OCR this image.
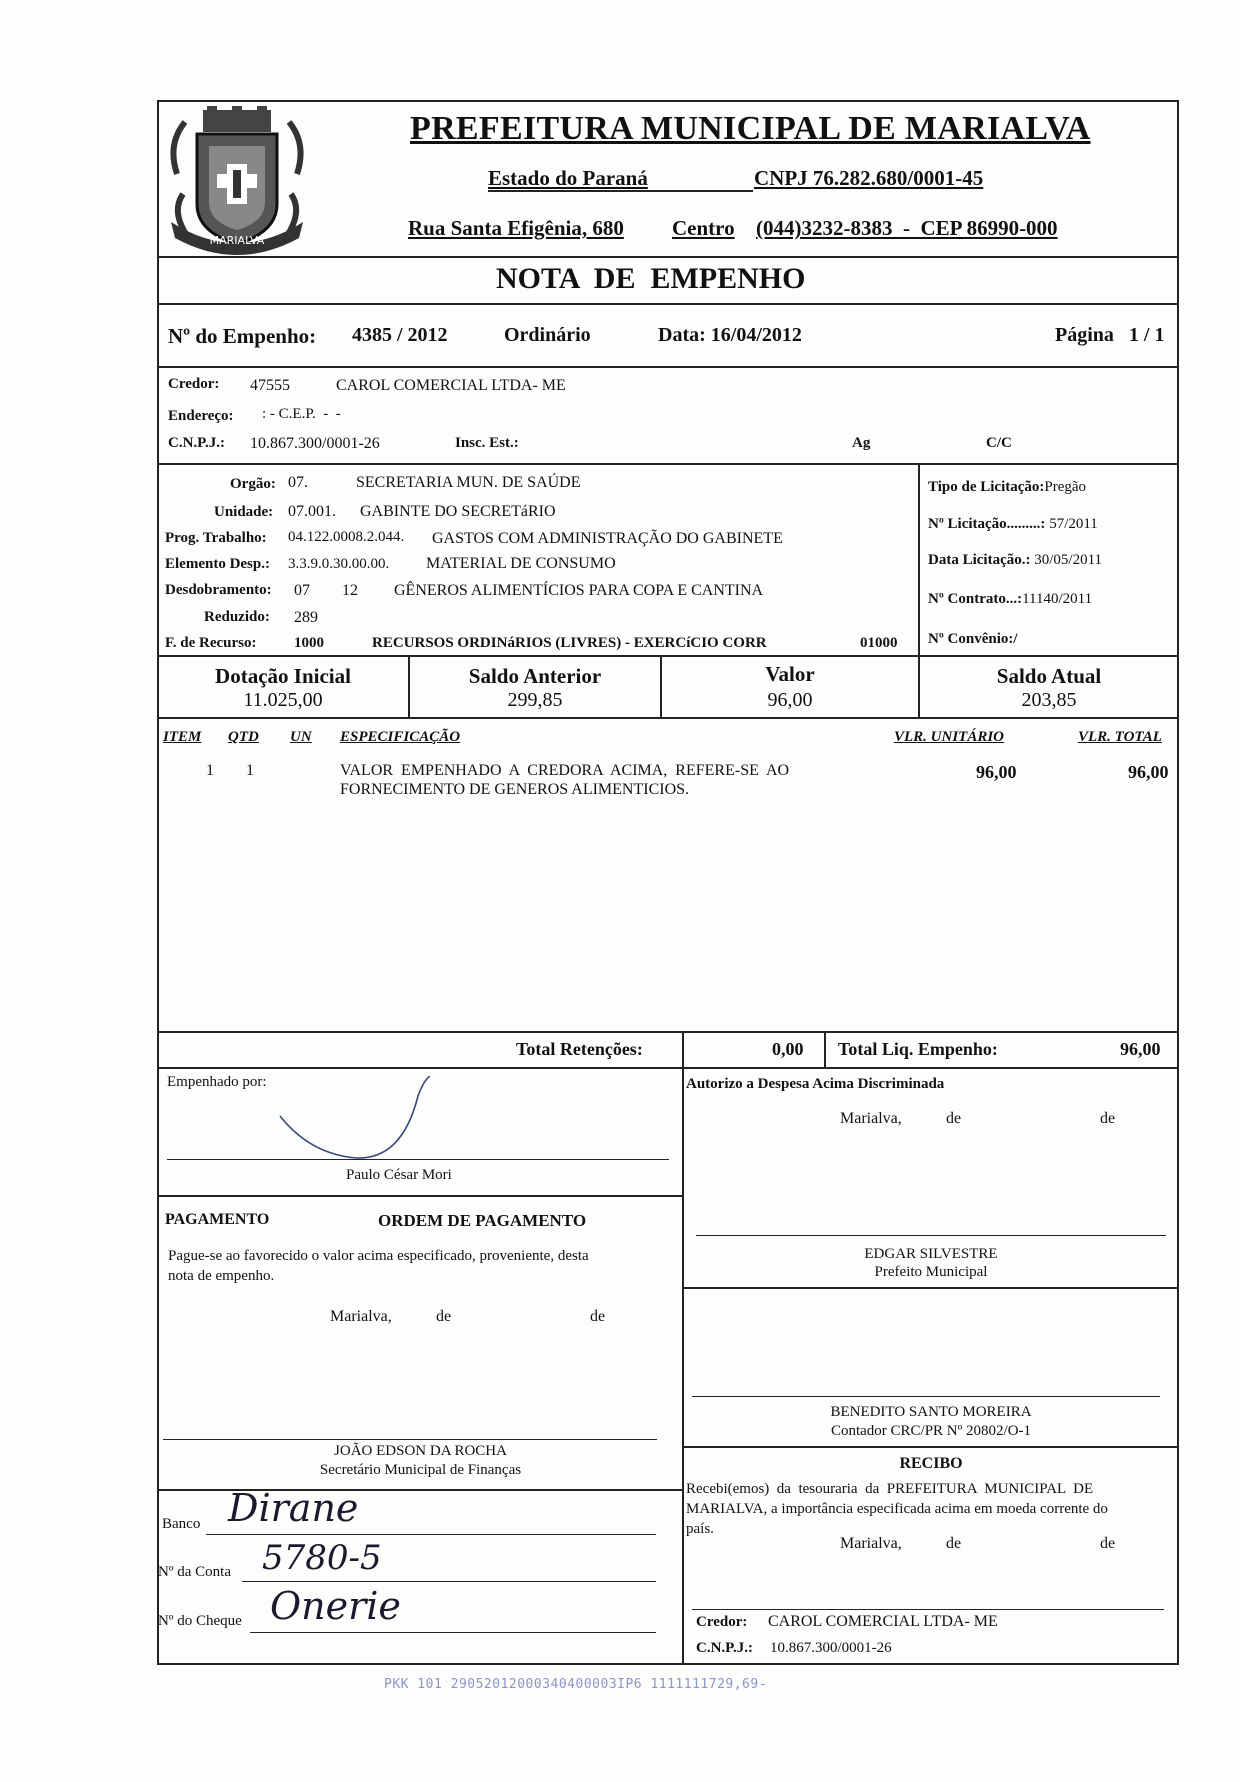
MARIALVA
PREFEITURA MUNICIPAL DE MARIALVA
Estado do Paraná	CNPJ 76.282.680/0001-45
Rua Santa Efigênia, 680 Centro (044)3232-8383  -  CEP 86990-000
NOTA  DE  EMPENHO
Nº do Empenho: 4385 / 2012	Ordinário	Data: 16/04/2012	Página   1 / 1
Credor: 47555	CAROL COMERCIAL LTDA- ME
Endereço: : - C.E.P.  -  -
C.N.P.J.: 10.867.300/0001-26	Insc. Est.:	Ag	C/C
Orgão: 07.	SECRETARIA MUN. DE SAÚDE
Unidade: 07.001. GABINTE DO SECRETáRIO
Prog. Trabalho: 04.122.0008.2.044. GASTOS COM ADMINISTRAÇÃO DO GABINETE
Elemento Desp.: 3.3.9.0.30.00.00. MATERIAL DE CONSUMO
Desdobramento: 07 12 GÊNEROS ALIMENTÍCIOS PARA COPA E CANTINA
Reduzido: 289
F. de Recurso: 1000	RECURSOS ORDINáRIOS (LIVRES) - EXERCíCIO CORR	01000
Tipo de Licitação:Pregão
Nº Licitação.........: 57/2011
Data Licitação.: 30/05/2011
Nº Contrato...:11140/2011
Nº Convênio:/
Dotação Inicial
11.025,00
Saldo Anterior
299,85
Valor
96,00
Saldo Atual
203,85
ITEM QTD UN ESPECIFICAÇÃO	VLR. UNITÁRIO	VLR. TOTAL
1 1	VALOR  EMPENHADO  A  CREDORA  ACIMA,  REFERE-SE  AO
FORNECIMENTO DE GENEROS ALIMENTICIOS.
96,00	96,00
Total Retenções:	0,00 Total Liq. Empenho:	96,00
Empenhado por:
Paulo César Mori
PAGAMENTO	ORDEM DE PAGAMENTO
Pague-se ao favorecido o valor acima especificado, proveniente, desta
nota de empenho.
Marialva,	de	de
JOÃO EDSON DA ROCHA
Secretário Municipal de Finanças
Banco Dirane
Nº da Conta 5780-5
Nº do Cheque Onerie
Autorizo a Despesa Acima Discriminada
Marialva,	de	de
EDGAR SILVESTRE
Prefeito Municipal
BENEDITO SANTO MOREIRA
Contador CRC/PR Nº 20802/O-1
RECIBO
Recebi(emos)  da  tesouraria  da  PREFEITURA  MUNICIPAL  DE
MARIALVA, a importância especificada acima em moeda corrente do
país.
Marialva,	de	de
Credor: CAROL COMERCIAL LTDA- ME
C.N.P.J.: 10.867.300/0001-26
PKK 101 29052012000340400003IP6 1111111729,69-
